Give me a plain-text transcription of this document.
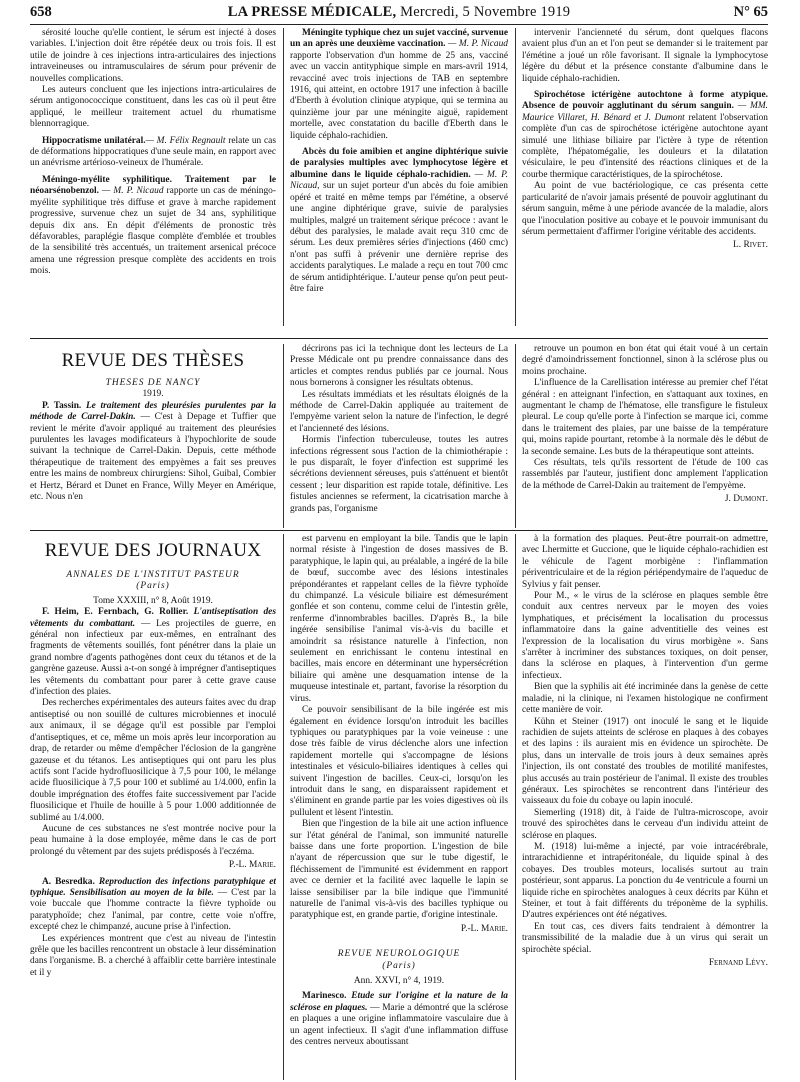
658	LA PRESSE MÉDICALE, Mercredi, 5 Novembre 1919	N° 65

sérosité louche qu'elle contient, le sérum est injecté à doses variables. L'injection doit être répétée deux ou trois fois. Il est utile de joindre à ces injections intra-articulaires des injections intraveineuses ou intramusculaires de sérum pour prévenir de nouvelles complications.

Les auteurs concluent que les injections intra-articulaires de sérum antigonococcique constituent, dans les cas où il peut être appliqué, le meilleur traitement actuel du rhumatisme blennorragique.

Hippocratisme unilatéral.— M. Félix Regnault relate un cas de déformations hippocratiques d'une seule main, en rapport avec un anévrisme artérioso-veineux de l'humérale.

Méningo-myélite syphilitique. Traitement par le néoarsénobenzol. — M. P. Nicaud rapporte un cas de méningo-myélite syphilitique très diffuse et grave à marche rapidement progressive, survenue chez un sujet de 34 ans, syphilitique depuis dix ans. En dépit d'éléments de pronostic très défavorables, paraplégie flasque complète d'emblée et troubles de la sensibilité très accentués, un traitement arsenical précoce amena une régression presque complète des accidents en trois mois.

Méningite typhique chez un sujet vacciné, survenue un an après une deuxième vaccination. — M. P. Nicaud rapporte l'observation d'un homme de 25 ans, vacciné avec un vaccin antityphique simple en mars-avril 1914, revacciné avec trois injections de TAB en septembre 1916, qui atteint, en octobre 1917 une infection à bacille d'Eberth à évolution clinique atypique, qui se termina au quinzième jour par une méningite aiguë, rapidement mortelle, avec constatation du bacille d'Eberth dans le liquide céphalo-rachidien.

Abcès du foie amibien et angine diphtérique suivie de paralysies multiples avec lymphocytose légère et albumine dans le liquide céphalo-rachidien. — M. P. Nicaud, sur un sujet porteur d'un abcès du foie amibien opéré et traité en même temps par l'émétine, a observé une angine diphtérique grave, suivie de paralysies multiples, malgré un traitement sérique précoce : avant le début des paralysies, le malade avait reçu 310 cmc de sérum. Les deux premières séries d'injections (460 cmc) n'ont pas suffi à prévenir une dernière reprise des accidents paralytiques. Le malade a reçu en tout 700 cmc de sérum antidiphtérique. L'auteur pense qu'on peut peut-être faire

intervenir l'ancienneté du sérum, dont quelques flacons avaient plus d'un an et l'on peut se demander si le traitement par l'émétine a joué un rôle favorisant. Il signale la lymphocytose légère du début et la présence constante d'albumine dans le liquide céphalo-rachidien.

Spirochétose ictérigène autochtone à forme atypique. Absence de pouvoir agglutinant du sérum sanguin. — MM. Maurice Villaret, H. Bénard et J. Dumont relatent l'observation complète d'un cas de spirochétose ictérigène autochtone ayant simulé une lithiase biliaire par l'ictère à type de rétention complète, l'hépatomégalie, les douleurs et la dilatation vésiculaire, le peu d'intensité des réactions cliniques et de la courbe thermique caractéristiques, de la spirochétose.

Au point de vue bactériologique, ce cas présenta cette particularité de n'avoir jamais présenté de pouvoir agglutinant du sérum sanguin, même à une période avancée de la maladie, alors que l'inoculation positive au cobaye et le pouvoir immunisant du sérum permettaient d'affirmer l'origine véritable des accidents.

L. Rivet.

REVUE DES THÈSES

THÈSES DE NANCY

1919.

P. Tassin. Le traitement des pleurésies purulentes par la méthode de Carrel-Dakin. — C'est à Depage et Tuffier que revient le mérite d'avoir appliqué au traitement des pleurésies purulentes les lavages modificateurs à l'hypochlorite de soude suivant la technique de Carrel-Dakin. Depuis, cette méthode thérapeutique de traitement des empyèmes a fait ses preuves entre les mains de nombreux chirurgiens: Sihol, Guibal, Combier et Hertz, Bérard et Dunet en France, Willy Meyer en Amérique, etc. Nous n'en

décrirons pas ici la technique dont les lecteurs de La Presse Médicale ont pu prendre connaissance dans des articles et comptes rendus publiés par ce journal. Nous nous bornerons à consigner les résultats obtenus.

Les résultats immédiats et les résultats éloignés de la méthode de Carrel-Dakin appliquée au traitement de l'empyème varient selon la nature de l'infection, le degré et l'ancienneté des lésions.

Hormis l'infection tuberculeuse, toutes les autres infections régressent sous l'action de la chimiothérapie : le pus disparaît, le foyer d'infection est supprimé les sécrétions deviennent séreuses, puis s'atténuent et bientôt cessent ; leur disparition est rapide totale, définitive. Les fistules anciennes se referment, la cicatrisation marche à grands pas, l'organisme

retrouve un poumon en bon état qui était voué à un certain degré d'amoindrissement fonctionnel, sinon à la sclérose plus ou moins prochaine.

L'influence de la Carellisation intéresse au premier chef l'état général : en atteignant l'infection, en s'attaquant aux toxines, en augmentant le champ de l'hématose, elle transfigure le fistuleux pleural. Le coup qu'elle porte à l'infection se marque ici, comme dans le traitement des plaies, par une baisse de la température qui, moins rapide pourtant, retombe à la normale dès le début de la seconde semaine. Les buts de la thérapeutique sont atteints.

Ces résultats, tels qu'ils ressortent de l'étude de 100 cas rassemblés par l'auteur, justifient donc amplement l'application de la méthode de Carrel-Dakin au traitement de l'empyème.

J. Dumont.

REVUE DES JOURNAUX

ANNALES DE L'INSTITUT PASTEUR

(Paris)

Tome XXXIII, n° 8, Août 1919.

F. Heim, E. Fernbach, G. Rollier. L'antiseptisation des vêtements du combattant. — Les projectiles de guerre, en général non infectieux par eux-mêmes, en entraînant des fragments de vêtements souillés, font pénétrer dans la plaie un grand nombre d'agents pathogènes dont ceux du tétanos et de la gangrène gazeuse. Aussi a-t-on songé à imprégner d'antiseptiques les vêtements du combattant pour parer à cette grave cause d'infection des plaies.

Des recherches expérimentales des auteurs faites avec du drap antiseptisé ou non souillé de cultures microbiennes et inoculé aux animaux, il se dégage qu'il est possible par l'emploi d'antiseptiques, et ce, même un mois après leur incorporation au drap, de retarder ou même d'empêcher l'éclosion de la gangrène gazeuse et du tétanos. Les antiseptiques qui ont paru les plus actifs sont l'acide hydrofluosilicique à 7,5 pour 100, le mélange acide fluosilicique à 7,5 pour 100 et sublimé au 1/4.000, enfin la double imprégnation des étoffes faite successivement par l'acide fluosilicique et l'huile de houille à 5 pour 1.000 additionnée de sublimé au 1/4.000.

Aucune de ces substances ne s'est montrée nocive pour la peau humaine à la dose employée, même dans le cas de port prolongé du vêtement par des sujets prédisposés à l'eczéma.

P.-L. Marie.

A. Besredka. Reproduction des infections paratyphique et typhique. Sensibilisation au moyen de la bile. — C'est par la voie buccale que l'homme contracte la fièvre typhoïde ou paratyphoïde; chez l'animal, par contre, cette voie n'offre, excepté chez le chimpanzé, aucune prise à l'infection.

Les expériences montrent que c'est au niveau de l'intestin grêle que les bacilles rencontrent un obstacle à leur dissémination dans l'organisme. B. a cherché à affaiblir cette barrière intestinale et il y

est parvenu en employant la bile. Tandis que le lapin normal résiste à l'ingestion de doses massives de B. paratyphique, le lapin qui, au préalable, a ingéré de la bile de bœuf, succombe avec des lésions intestinales prépondérantes et rappelant celles de la fièvre typhoïde du chimpanzé. La vésicule biliaire est démesurément gonflée et son contenu, comme celui de l'intestin grêle, renferme d'innombrables bacilles. D'après B., la bile ingérée sensibilise l'animal vis-à-vis du bacille et amoindrit sa résistance naturelle à l'infection, non seulement en enrichissant le contenu intestinal en bacilles, mais encore en déterminant une hypersécrétion biliaire qui amène une desquamation intense de la muqueuse intestinale et, partant, favorise la résorption du virus.

Ce pouvoir sensibilisant de la bile ingérée est mis également en évidence lorsqu'on introduit les bacilles typhiques ou paratyphiques par la voie veineuse : une dose très faible de virus déclenche alors une infection rapidement mortelle qui s'accompagne de lésions intestinales et vésiculo-biliaires identiques à celles qui suivent l'ingestion de bacilles. Ceux-ci, lorsqu'on les introduit dans le sang, en disparaissent rapidement et s'éliminent en grande partie par les voies digestives où ils pullulent et lèsent l'intestin.

Bien que l'ingestion de la bile ait une action influence sur l'état général de l'animal, son immunité naturelle baisse dans une forte proportion. L'ingestion de bile n'ayant de répercussion que sur le tube digestif, le fléchissement de l'immunité est évidemment en rapport avec ce dernier et la facilité avec laquelle le lapin se laisse sensibiliser par la bile indique que l'immunité naturelle de l'animal vis-à-vis des bacilles typhique ou paratyphique est, en grande partie, d'origine intestinale.

P.-L. Marie.

REVUE NEUROLOGIQUE

(Paris)

Ann. XXVI, n° 4, 1919.

Marinesco. Etude sur l'origine et la nature de la sclérose en plaques. — Marie a démontré que la sclérose en plaques a une origine inflammatoire vasculaire due à un agent infectieux. Il s'agit d'une inflammation diffuse des centres nerveux aboutissant

à la formation des plaques. Peut-être pourrait-on admettre, avec Lhermitte et Guccione, que le liquide céphalo-rachidien est le véhicule de l'agent morbigène : l'inflammation périventriculaire et de la région périépendymaire de l'aqueduc de Sylvius y fait penser.

Pour M., « le virus de la sclérose en plaques semble être conduit aux centres nerveux par le moyen des voies lymphatiques, et précisément la localisation du processus inflammatoire dans la gaine adventitielle des veines est l'expression de la localisation du virus morbigène ». Sans s'arrêter à incriminer des substances toxiques, on doit penser, dans la sclérose en plaques, à l'intervention d'un germe infectieux.

Bien que la syphilis ait été incriminée dans la genèse de cette maladie, ni la clinique, ni l'examen histologique ne confirment cette manière de voir.

Kühn et Steiner (1917) ont inoculé le sang et le liquide rachidien de sujets atteints de sclérose en plaques à des cobayes et des lapins : ils auraient mis en évidence un spirochète. De plus, dans un intervalle de trois jours à deux semaines après l'injection, ils ont constaté des troubles de motilité manifestes, plus accusés au train postérieur de l'animal. Il existe des troubles généraux. Les spirochètes se rencontrent dans l'intérieur des vaisseaux du foie du cobaye ou lapin inoculé.

Siemerling (1918) dit, à l'aide de l'ultra-microscope, avoir trouvé des spirochètes dans le cerveau d'un individu atteint de sclérose en plaques.

M. (1918) lui-même a injecté, par voie intracérébrale, intrarachidienne et intrapéritonéale, du liquide spinal à des cobayes. Des troubles moteurs, localisés surtout au train postérieur, sont apparus. La ponction du 4e ventricule a fourni un liquide riche en spirochètes analogues à ceux décrits par Kühn et Steiner, et tout à fait différents du tréponème de la syphilis. D'autres expériences ont été négatives.

En tout cas, ces divers faits tendraient à démontrer la transmissibilité de la maladie due à un virus qui serait un spirochète spécial.

Fernand Lévy.
